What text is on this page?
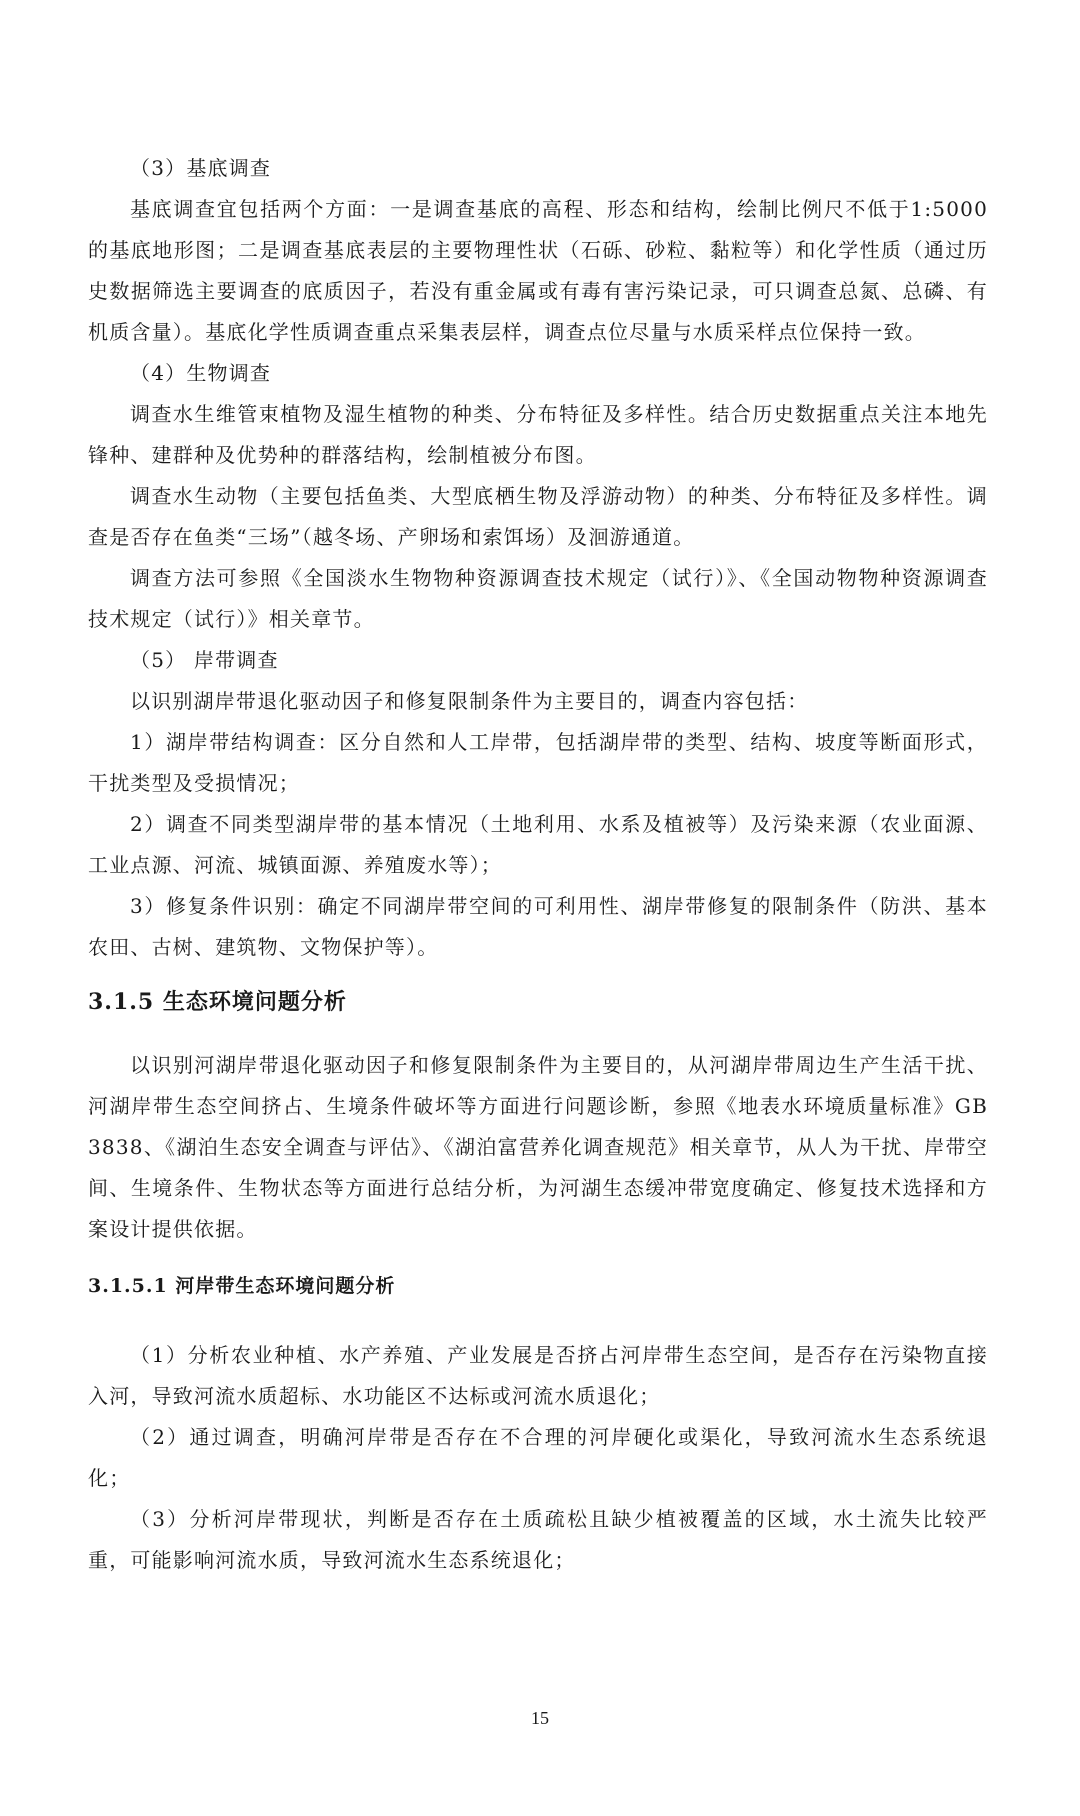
（3）基底调查

基底调查宜包括两个方面：一是调查基底的高程、形态和结构，绘制比例尺不低于1:5000 的基底地形图；二是调查基底表层的主要物理性状（石砾、砂粒、黏粒等）和化学性质（通过历史数据筛选主要调查的底质因子，若没有重金属或有毒有害污染记录，可只调查总氮、总磷、有机质含量）。基底化学性质调查重点采集表层样，调查点位尽量与水质采样点位保持一致。

（4）生物调查

调查水生维管束植物及湿生植物的种类、分布特征及多样性。结合历史数据重点关注本地先锋种、建群种及优势种的群落结构，绘制植被分布图。

调查水生动物（主要包括鱼类、大型底栖生物及浮游动物）的种类、分布特征及多样性。调查是否存在鱼类“三场”（越冬场、产卵场和索饵场）及洄游通道。

调查方法可参照《全国淡水生物物种资源调查技术规定（试行）》、《全国动物物种资源调查技术规定（试行）》相关章节。

（5） 岸带调查

以识别湖岸带退化驱动因子和修复限制条件为主要目的，调查内容包括：

1）湖岸带结构调查：区分自然和人工岸带，包括湖岸带的类型、结构、坡度等断面形式，干扰类型及受损情况；

2）调查不同类型湖岸带的基本情况（土地利用、水系及植被等）及污染来源（农业面源、工业点源、河流、城镇面源、养殖废水等）；

3）修复条件识别：确定不同湖岸带空间的可利用性、湖岸带修复的限制条件（防洪、基本农田、古树、建筑物、文物保护等）。

3.1.5 生态环境问题分析

以识别河湖岸带退化驱动因子和修复限制条件为主要目的，从河湖岸带周边生产生活干扰、河湖岸带生态空间挤占、生境条件破坏等方面进行问题诊断，参照《地表水环境质量标准》GB 3838、《湖泊生态安全调查与评估》、《湖泊富营养化调查规范》相关章节，从人为干扰、岸带空间、生境条件、生物状态等方面进行总结分析，为河湖生态缓冲带宽度确定、修复技术选择和方案设计提供依据。

3.1.5.1 河岸带生态环境问题分析

（1）分析农业种植、水产养殖、产业发展是否挤占河岸带生态空间，是否存在污染物直接入河，导致河流水质超标、水功能区不达标或河流水质退化；

（2）通过调查，明确河岸带是否存在不合理的河岸硬化或渠化，导致河流水生态系统退化；

（3）分析河岸带现状，判断是否存在土质疏松且缺少植被覆盖的区域，水土流失比较严重，可能影响河流水质，导致河流水生态系统退化；

15
